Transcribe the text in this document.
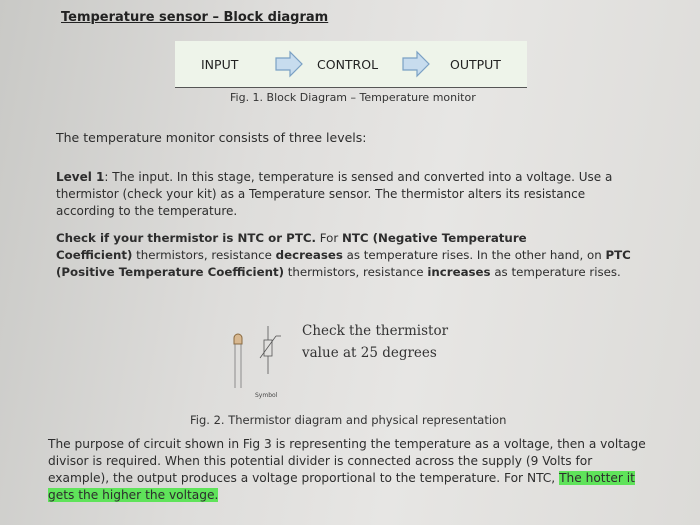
Temperature sensor – Block diagram
INPUT	CONTROL	OUTPUT
Fig. 1. Block Diagram – Temperature monitor
The temperature monitor consists of three levels:
Level 1: The input. In this stage, temperature is sensed and converted into a voltage. Use a
thermistor (check your kit) as a Temperature sensor. The thermistor alters its resistance
according to the temperature.
Check if your thermistor is NTC or PTC. For NTC (Negative Temperature
Coefficient) thermistors, resistance decreases as temperature rises. In the other hand, on PTC
(Positive Temperature Coefficient) thermistors, resistance increases as temperature rises.
Check the thermistor
value at 25 degrees
Symbol
Fig. 2. Thermistor diagram and physical representation
The purpose of circuit shown in Fig 3 is representing the temperature as a voltage, then a voltage
divisor is required. When this potential divider is connected across the supply (9 Volts for
example), the output produces a voltage proportional to the temperature. For NTC, The hotter it
gets the higher the voltage.
